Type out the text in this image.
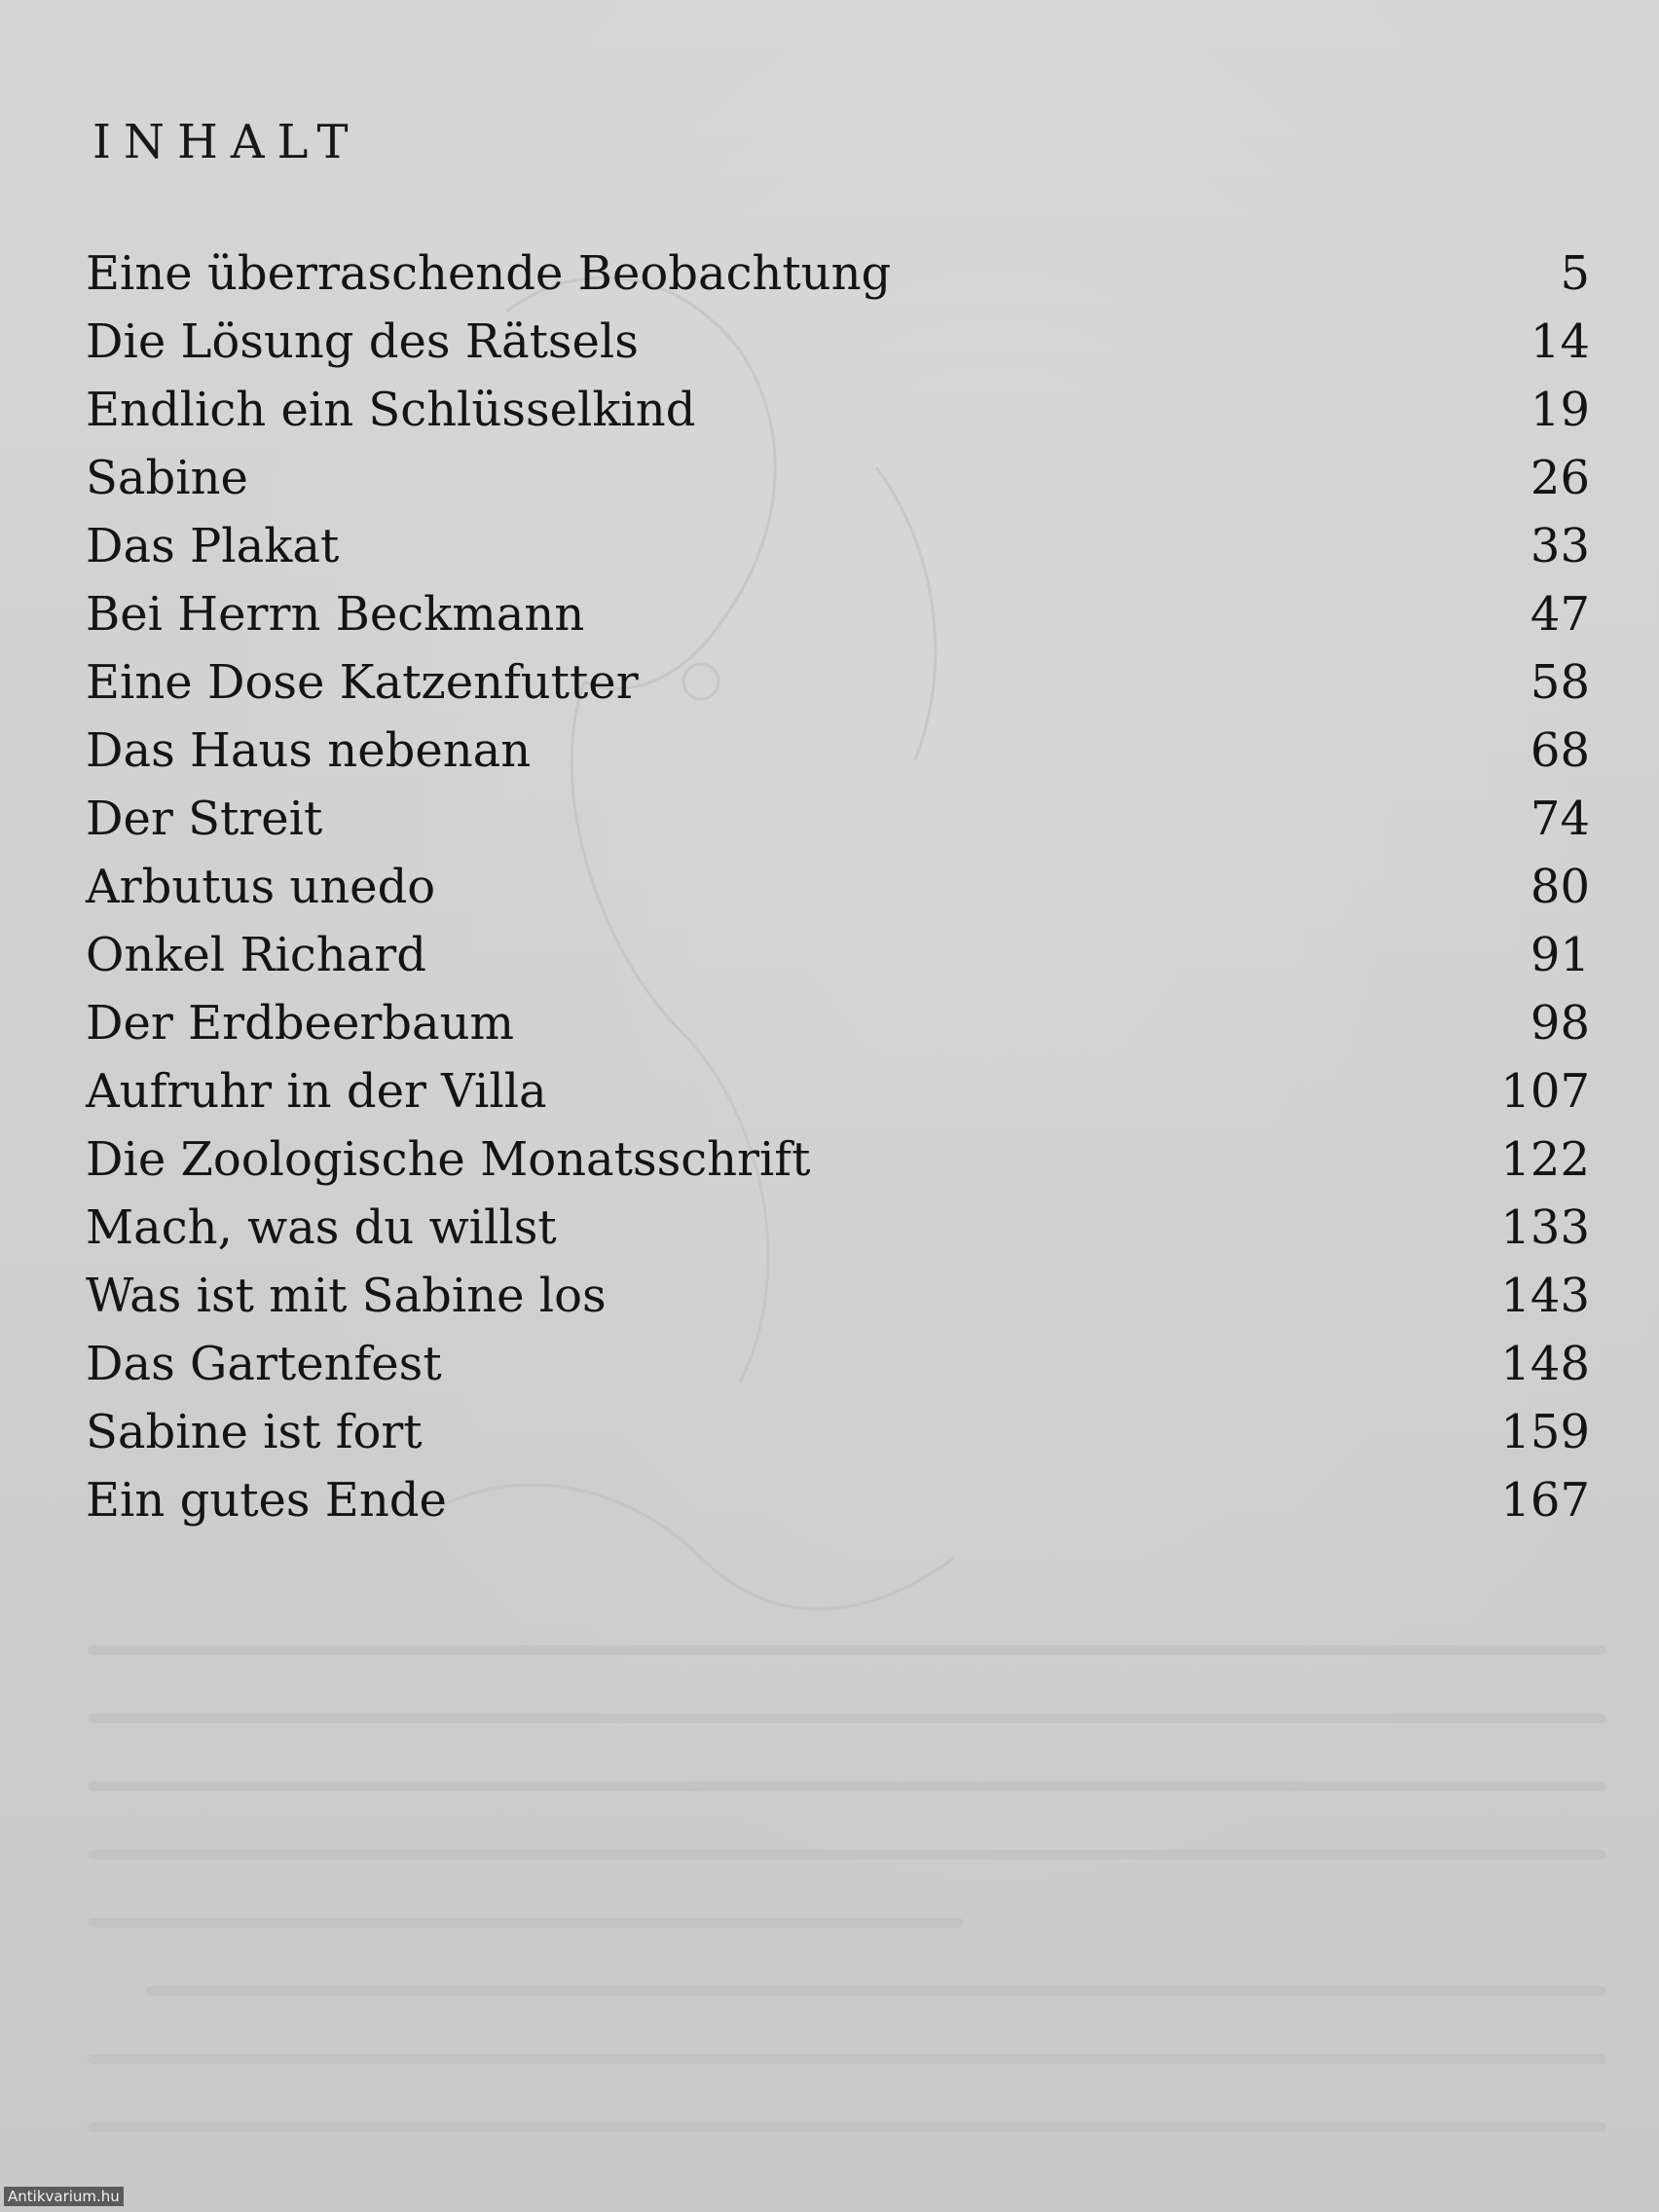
INHALT
Eine überraschende Beobachtung	5
Die Lösung des Rätsels	14
Endlich ein Schlüsselkind	19
Sabine	26
Das Plakat	33
Bei Herrn Beckmann	47
Eine Dose Katzenfutter	58
Das Haus nebenan	68
Der Streit	74
Arbutus unedo	80
Onkel Richard	91
Der Erdbeerbaum	98
Aufruhr in der Villa	107
Die Zoologische Monatsschrift	122
Mach, was du willst	133
Was ist mit Sabine los	143
Das Gartenfest	148
Sabine ist fort	159
Ein gutes Ende	167
Antikvarium.hu
